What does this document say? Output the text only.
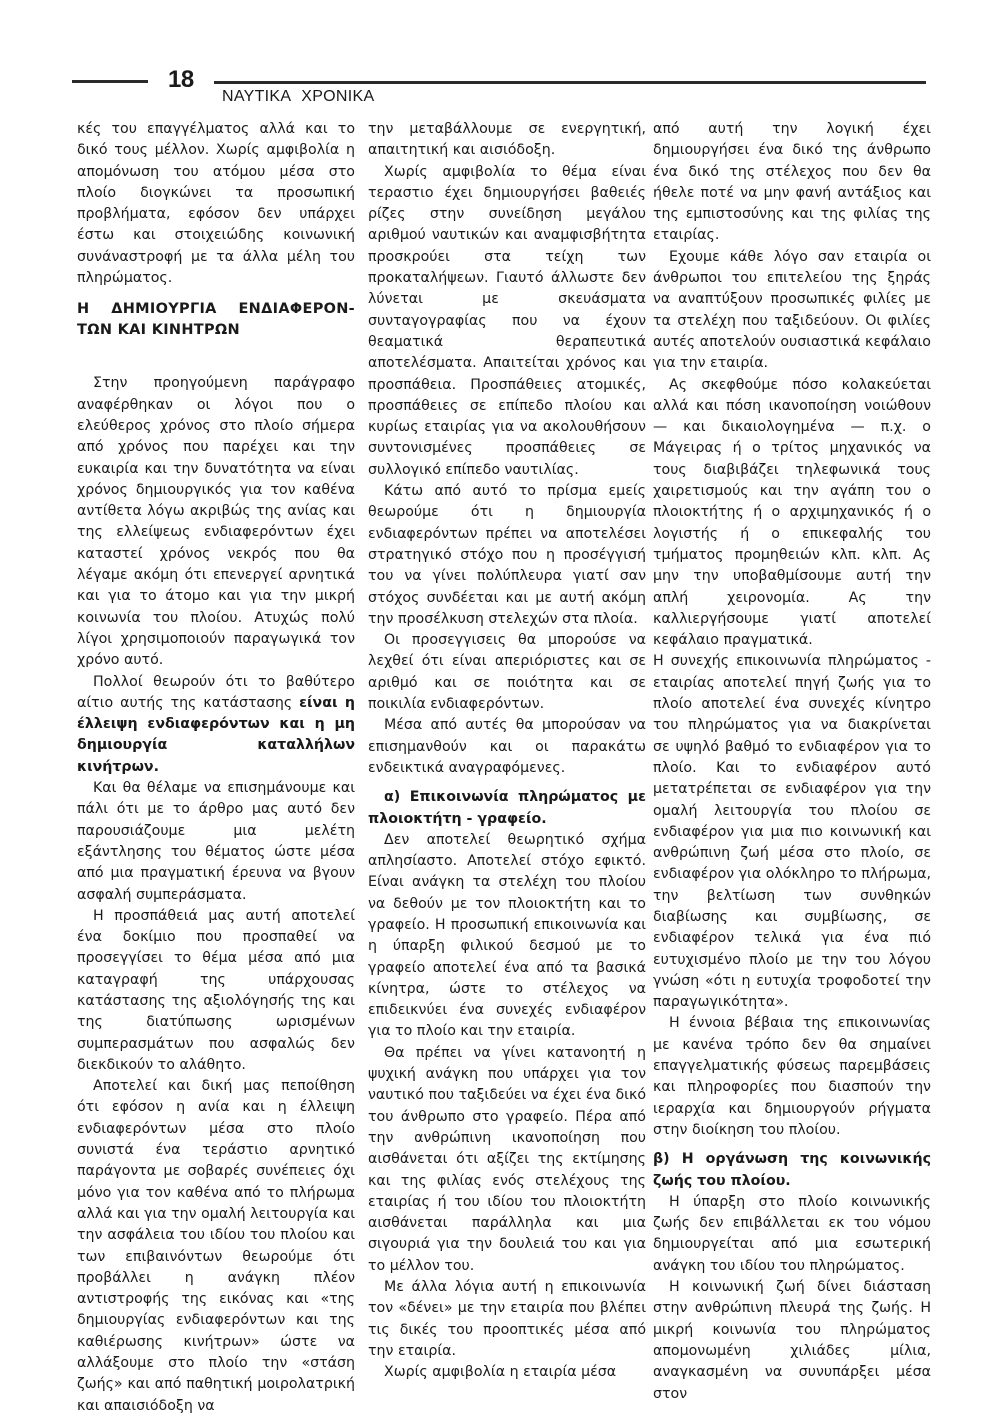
18
ΝΑΥΤΙΚΑ ΧΡΟΝΙΚΑ

κές του επαγγέλματος αλλά και το δικό τους μέλλον. Χωρίς αμφιβολία η απομόνωση του ατόμου μέσα στο πλοίο διογκώνει τα προσωπική προβλήματα, εφόσον δεν υπάρχει έστω και στοιχειώδης κοινωνική συνάναστροφή με τα άλλα μέλη του πληρώματος.

Η ΔΗΜΙΟΥΡΓΙΑ ΕΝΔΙΑΦΕΡΟΝ-ΤΩΝ ΚΑΙ ΚΙΝΗΤΡΩΝ

Στην προηγούμενη παράγραφο αναφέρθηκαν οι λόγοι που ο ελεύθερος χρόνος στο πλοίο σήμερα από χρόνος που παρέχει και την ευκαιρία και την δυνατότητα να είναι χρόνος δημιουργικός για τον καθένα αντίθετα λόγω ακριβώς της ανίας και της ελλείψεως ενδιαφερόντων έχει καταστεί χρόνος νεκρός που θα λέγαμε ακόμη ότι επενεργεί αρνητικά και για το άτομο και για την μικρή κοινωνία του πλοίου. Ατυχώς πολύ λίγοι χρησιμοποιούν παραγωγικά τον χρόνο αυτό.

Πολλοί θεωρούν ότι το βαθύτερο αίτιο αυτής της κατάστασης είναι η έλλειψη ενδιαφερόντων και η μη δημιουργία καταλλήλων κινήτρων.

Και θα θέλαμε να επισημάνουμε και πάλι ότι με το άρθρο μας αυτό δεν παρουσιάζουμε μια μελέτη εξάντλησης του θέματος ώστε μέσα από μια πραγματική έρευνα να βγουν ασφαλή συμπεράσματα.

Η προσπάθειά μας αυτή αποτελεί ένα δοκίμιο που προσπαθεί να προσεγγίσει το θέμα μέσα από μια καταγραφή της υπάρχουσας κατάστασης της αξιολόγησής της και της διατύπωσης ωρισμένων συμπερασμάτων που ασφαλώς δεν διεκδικούν το αλάθητο.

Αποτελεί και δική μας πεποίθηση ότι εφόσον η ανία και η έλλειψη ενδιαφερόντων μέσα στο πλοίο συνιστά ένα τεράστιο αρνητικό παράγοντα με σοβαρές συνέπειες όχι μόνο για τον καθένα από το πλήρωμα αλλά και για την ομαλή λειτουργία και την ασφάλεια του ιδίου του πλοίου και των επιβαινόντων θεωρούμε ότι προβάλλει η ανάγκη πλέον αντιστροφής της εικόνας και «της δημιουργίας ενδιαφερόντων και της καθιέρωσης κινήτρων» ώστε να αλλάξουμε στο πλοίο την «στάση ζωής» και από παθητική μοιρολατρική και απαισιόδοξη να

την μεταβάλλουμε σε ενεργητική, απαιτητική και αισιόδοξη.

Χωρίς αμφιβολία το θέμα είναι τεραστιο έχει δημιουργήσει βαθειές ρίζες στην συνείδηση μεγάλου αριθμού ναυτικών και αναμφισβήτητα προσκρούει στα τείχη των προκαταλήψεων. Γιαυτό άλλωστε δεν λύνεται με σκευάσματα συνταγογραφίας που να έχουν θεαματικά θεραπευτικά αποτελέσματα. Απαιτείται χρόνος και προσπάθεια. Προσπάθειες ατομικές, προσπάθειες σε επίπεδο πλοίου και κυρίως εταιρίας για να ακολουθήσουν συντονισμένες προσπάθειες σε συλλογικό επίπεδο ναυτιλίας.

Κάτω από αυτό το πρίσμα εμείς θεωρούμε ότι η δημιουργία ενδιαφερόντων πρέπει να αποτελέσει στρατηγικό στόχο που η προσέγγισή του να γίνει πολύπλευρα γιατί σαν στόχος συνδέεται και με αυτή ακόμη την προσέλκυση στελεχών στα πλοία.

Οι προσεγγισεις θα μπορούσε να λεχθεί ότι είναι απεριόριστες και σε αριθμό και σε ποιότητα και σε ποικιλία ενδιαφερόντων.

Μέσα από αυτές θα μπορούσαν να επισημανθούν και οι παρακάτω ενδεικτικά αναγραφόμενες.

α) Επικοινωνία πληρώματος με πλοιοκτήτη - γραφείο.

Δεν αποτελεί θεωρητικό σχήμα απλησίαστο. Αποτελεί στόχο εφικτό. Είναι ανάγκη τα στελέχη του πλοίου να δεθούν με τον πλοιοκτήτη και το γραφείο. Η προσωπική επικοινωνία και η ύπαρξη φιλικού δεσμού με το γραφείο αποτελεί ένα από τα βασικά κίνητρα, ώστε το στέλεχος να επιδεικνύει ένα συνεχές ενδιαφέρον για το πλοίο και την εταιρία.

Θα πρέπει να γίνει κατανοητή η ψυχική ανάγκη που υπάρχει για τον ναυτικό που ταξιδεύει να έχει ένα δικό του άνθρωπο στο γραφείο. Πέρα από την ανθρώπινη ικανοποίηση που αισθάνεται ότι αξίζει της εκτίμησης και της φιλίας ενός στελέχους της εταιρίας ή του ιδίου του πλοιοκτήτη αισθάνεται παράλληλα και μια σιγουριά για την δουλειά του και για το μέλλον του.

Με άλλα λόγια αυτή η επικοινωνία τον «δένει» με την εταιρία που βλέπει τις δικές του προοπτικές μέσα από την εταιρία.

Χωρίς αμφιβολία η εταιρία μέσα

από αυτή την λογική έχει δημιουργήσει ένα δικό της άνθρωπο ένα δικό της στέλεχος που δεν θα ήθελε ποτέ να μην φανή αντάξιος και της εμπιστοσύνης και της φιλίας της εταιρίας.

Εχουμε κάθε λόγο σαν εταιρία οι άνθρωποι του επιτελείου της ξηράς να αναπτύξουν προσωπικές φιλίες με τα στελέχη που ταξιδεύουν. Οι φιλίες αυτές αποτελούν ουσιαστικά κεφάλαιο για την εταιρία.

Ας σκεφθούμε πόσο κολακεύεται αλλά και πόση ικανοποίηση νοιώθουν — και δικαιολογημένα — π.χ. ο Μάγειρας ή ο τρίτος μηχανικός να τους διαβιβάζει τηλεφωνικά τους χαιρετισμούς και την αγάπη του ο πλοιοκτήτης ή ο αρχιμηχανικός ή ο λογιστής ή ο επικεφαλής του τμήματος προμηθειών κλπ. κλπ. Ας μην την υποβαθμίσουμε αυτή την απλή χειρονομία. Ας την καλλιεργήσουμε γιατί αποτελεί κεφάλαιο πραγματικά.

Η συνεχής επικοινωνία πληρώματος - εταιρίας αποτελεί πηγή ζωής για το πλοίο αποτελεί ένα συνεχές κίνητρο του πληρώματος για να διακρίνεται σε υψηλό βαθμό το ενδιαφέρον για το πλοίο. Και το ενδιαφέρον αυτό μετατρέπεται σε ενδιαφέρον για την ομαλή λειτουργία του πλοίου σε ενδιαφέρον για μια πιο κοινωνική και ανθρώπινη ζωή μέσα στο πλοίο, σε ενδιαφέρον για ολόκληρο το πλήρωμα, την βελτίωση των συνθηκών διαβίωσης και συμβίωσης, σε ενδιαφέρον τελικά για ένα πιό ευτυχισμένο πλοίο με την του λόγου γνώση «ότι η ευτυχία τροφοδοτεί την παραγωγικότητα».

Η έννοια βέβαια της επικοινωνίας με κανένα τρόπο δεν θα σημαίνει επαγγελματικής φύσεως παρεμβάσεις και πληροφορίες που διασπούν την ιεραρχία και δημιουργούν ρήγματα στην διοίκηση του πλοίου.

β) Η οργάνωση της κοινωνικής ζωής του πλοίου.

Η ύπαρξη στο πλοίο κοινωνικής ζωής δεν επιβάλλεται εκ του νόμου δημιουργείται από μια εσωτερική ανάγκη του ιδίου του πληρώματος.

Η κοινωνική ζωή δίνει διάσταση στην ανθρώπινη πλευρά της ζωής. Η μικρή κοινωνία του πληρώματος απομονωμένη χιλιάδες μίλια, αναγκασμένη να συνυπάρξει μέσα στον
